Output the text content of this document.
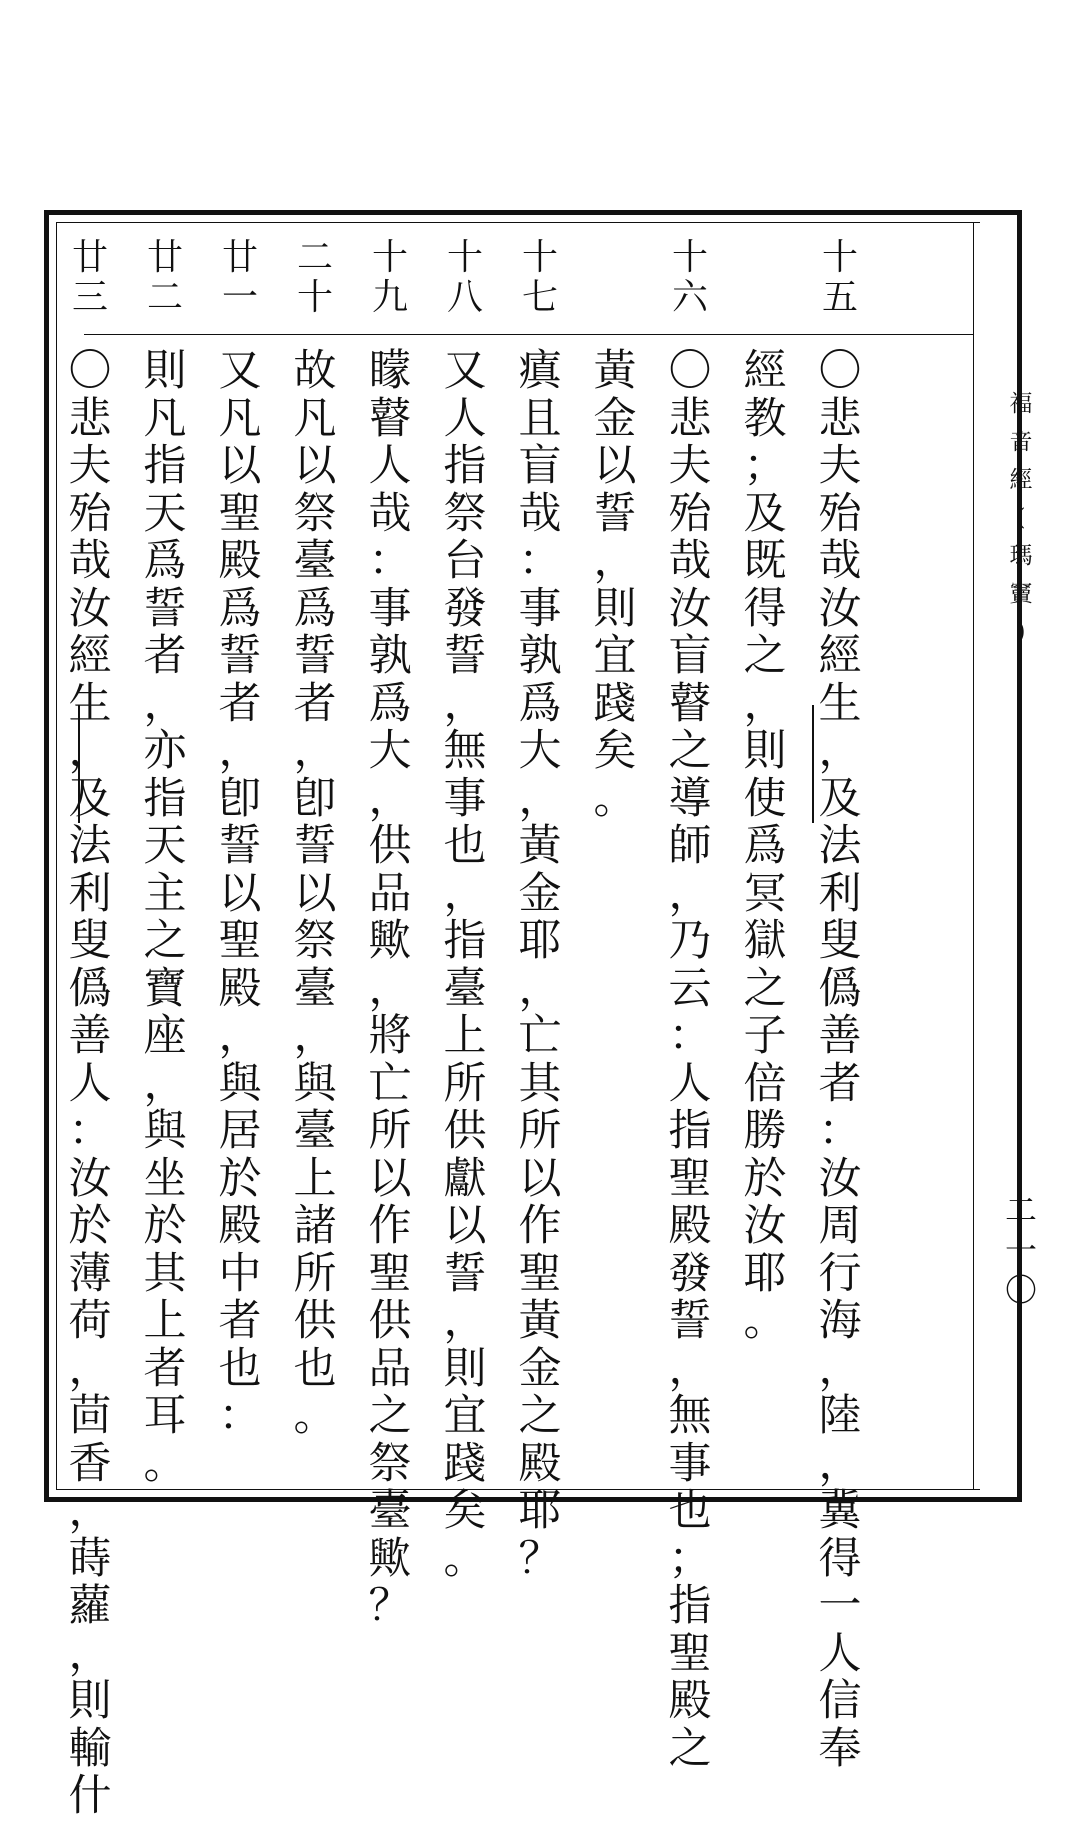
福
音
經
(
瑪
竇
)
二
一
〇
十
五
〇
悲
夫
殆
哉
汝
經
生
，
及
法
利
叟
僞
善
者
：
汝
周
行
海
，
陸
，
冀
得
一
人
信
奉
經
教
；
及
既
得
之
，
則
使
爲
冥
獄
之
子
倍
勝
於
汝
耶
。
十
六
〇
悲
夫
殆
哉
汝
盲
瞽
之
導
師
，
乃
云
：
人
指
聖
殿
發
誓
，
無
事
也
；
指
聖
殿
之
黃
金
以
誓
，
則
宜
踐
矣
。
十
七
瘨
且
盲
哉
：
事
孰
爲
大
，
黃
金
耶
，
亡
其
所
以
作
聖
黃
金
之
殿
耶
？
十
八
又
人
指
祭
台
發
誓
，
無
事
也
，
指
臺
上
所
供
獻
以
誓
，
則
宜
踐
矣
。
十
九
矇
瞽
人
哉
：
事
孰
爲
大
，
供
品
歟
，
將
亡
所
以
作
聖
供
品
之
祭
臺
歟
？
二
十
故
凡
以
祭
臺
爲
誓
者
，
卽
誓
以
祭
臺
，
與
臺
上
諸
所
供
也
。
廿
一
又
凡
以
聖
殿
爲
誓
者
，
卽
誓
以
聖
殿
，
與
居
於
殿
中
者
也
：
廿
二
則
凡
指
天
爲
誓
者
，
亦
指
天
主
之
寶
座
，
與
坐
於
其
上
者
耳
。
廿
三
〇
悲
夫
殆
哉
汝
經
生
，
及
法
利
叟
僞
善
人
：
汝
於
薄
荷
，
茴
香
，
蒔
蘿
，
則
輸
什
